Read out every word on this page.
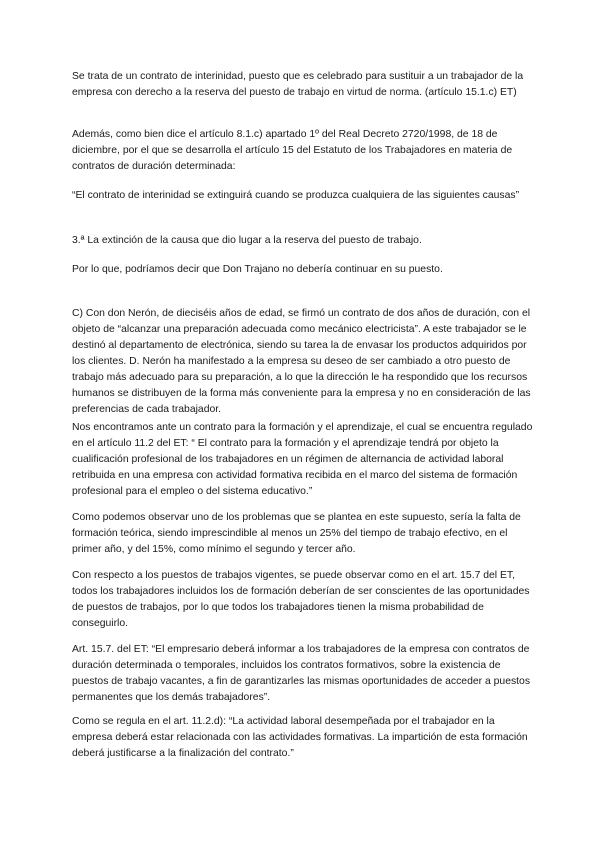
Se trata de un contrato de interinidad, puesto que es celebrado para sustituir a un trabajador de la empresa con derecho a la reserva del puesto de trabajo en virtud de norma. (artículo 15.1.c) ET)

Además, como bien dice el artículo 8.1.c) apartado 1º del Real Decreto 2720/1998, de 18 de diciembre, por el que se desarrolla el artículo 15 del Estatuto de los Trabajadores en materia de contratos de duración determinada:

“El contrato de interinidad se extinguirá cuando se produzca cualquiera de las siguientes causas”

3.ª La extinción de la causa que dio lugar a la reserva del puesto de trabajo.

Por lo que, podríamos decir que Don Trajano no debería continuar en su puesto.

C) Con don Nerón, de dieciséis años de edad, se firmó un contrato de dos años de duración, con el objeto de “alcanzar una preparación adecuada como mecánico electricista”. A este trabajador se le destinó al departamento de electrónica, siendo su tarea la de envasar los productos adquiridos por los clientes. D. Nerón ha manifestado a la empresa su deseo de ser cambiado a otro puesto de trabajo más adecuado para su preparación, a lo que la dirección le ha respondido que los recursos humanos se distribuyen de la forma más conveniente para la empresa y no en consideración de las preferencias de cada trabajador.

Nos encontramos ante un contrato para la formación y el aprendizaje, el cual se encuentra regulado en el artículo 11.2 del ET: “ El contrato para la formación y el aprendizaje tendrá por objeto la cualificación profesional de los trabajadores en un régimen de alternancia de actividad laboral retribuida en una empresa con actividad formativa recibida en el marco del sistema de formación profesional para el empleo o del sistema educativo.”

Como podemos observar uno de los problemas que se plantea en este supuesto, sería la falta de formación teórica, siendo imprescindible al menos un 25% del tiempo de trabajo efectivo, en el primer año, y del 15%, como mínimo el segundo y tercer año.

Con respecto a los puestos de trabajos vigentes, se puede observar como en el art. 15.7 del ET, todos los trabajadores incluidos los de formación deberían de ser conscientes de las oportunidades de puestos de trabajos, por lo que todos los trabajadores tienen la misma probabilidad de conseguirlo.

Art. 15.7. del ET: “El empresario deberá informar a los trabajadores de la empresa con contratos de duración determinada o temporales, incluidos los contratos formativos, sobre la existencia de puestos de trabajo vacantes, a fin de garantizarles las mismas oportunidades de acceder a puestos permanentes que los demás trabajadores”.

Como se regula en el art. 11.2.d): “La actividad laboral desempeñada por el trabajador en la empresa deberá estar relacionada con las actividades formativas. La impartición de esta formación deberá justificarse a la finalización del contrato.”
